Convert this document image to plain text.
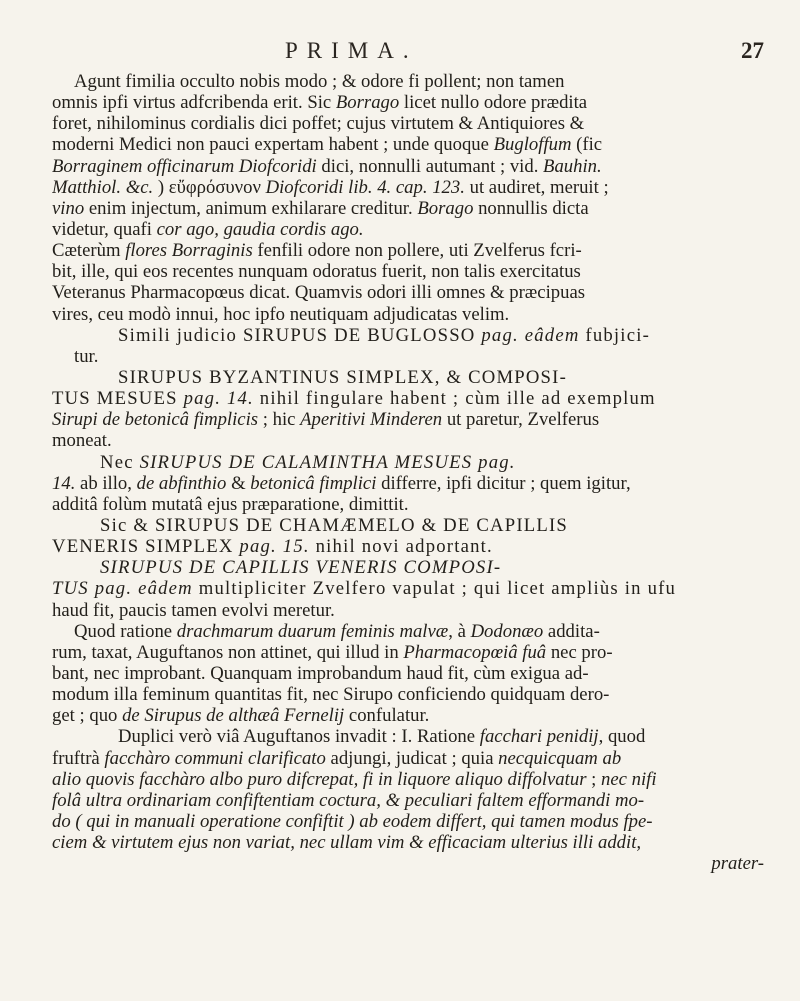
PRIMA.	27
Agunt fimilia occulto nobis modo ; & odore fi pollent; non tamen
omnis ipfi virtus adfcribenda erit. Sic Borrago licet nullo odore prædita
foret, nihilominus cordialis dici poffet; cujus virtutem & Antiquiores &
moderni Medici non pauci expertam habent ; unde quoque Bugloffum (fic
Borraginem officinarum Diofcoridi dici, nonnulli autumant ; vid. Bauhin.
Matthiol. &c. ) εὔφρόσυνον Diofcoridi lib. 4. cap. 123. ut audiret, meruit ;
vino enim injectum, animum exhilarare creditur. Borago nonnullis dicta
videtur, quafi cor ago, gaudia cordis ago.
Cæterùm flores Borraginis fenfili odore non pollere, uti Zvelferus fcri-
bit, ille, qui eos recentes nunquam odoratus fuerit, non talis exercitatus
Veteranus Pharmacopœus dicat. Quamvis odori illi omnes & præcipuas
vires, ceu modò innui, hoc ipfo neutiquam adjudicatas velim.
Simili judicio SIRUPUS DE BUGLOSSO pag. eâdem fubjici-
tur.
SIRUPUS BYZANTINUS SIMPLEX, & COMPOSI-
TUS MESUES pag. 14. nihil fingulare habent ; cùm ille ad exemplum
Sirupi de betonicâ fimplicis ; hic Aperitivi Minderen ut paretur, Zvelferus
moneat.
Nec SIRUPUS DE CALAMINTHA MESUES pag.
14. ab illo, de abfinthio & betonicâ fimplici differre, ipfi dicitur ; quem igitur,
additâ folùm mutatâ ejus præparatione, dimittit.
Sic & SIRUPUS DE CHAMÆMELO & DE CAPILLIS
VENERIS SIMPLEX pag. 15. nihil novi adportant.
SIRUPUS DE CAPILLIS VENERIS COMPOSI-
TUS pag. eâdem multipliciter Zvelfero vapulat ; qui licet ampliùs in ufu
haud fit, paucis tamen evolvi meretur.
Quod ratione drachmarum duarum feminis malvæ, à Dodonæo addita-
rum, taxat, Auguftanos non attinet, qui illud in Pharmacopœiâ fuâ nec pro-
bant, nec improbant. Quanquam improbandum haud fit, cùm exigua ad-
modum illa feminum quantitas fit, nec Sirupo conficiendo quidquam dero-
get ; quo de Sirupus de althæâ Fernelij confulatur.
Duplici verò viâ Auguftanos invadit : I. Ratione facchari penidij, quod
fruftrà facchàro communi clarificato adjungi, judicat ; quia necquicquam ab
alio quovis facchàro albo puro difcrepat, fi in liquore aliquo diffolvatur ; nec nifi
folâ ultra ordinariam confiftentiam coctura, & peculiari faltem efformandi mo-
do ( qui in manuali operatione confiftit ) ab eodem differt, qui tamen modus fpe-
ciem & virtutem ejus non variat, nec ullam vim & efficaciam ulterius illi addit,
prater-
